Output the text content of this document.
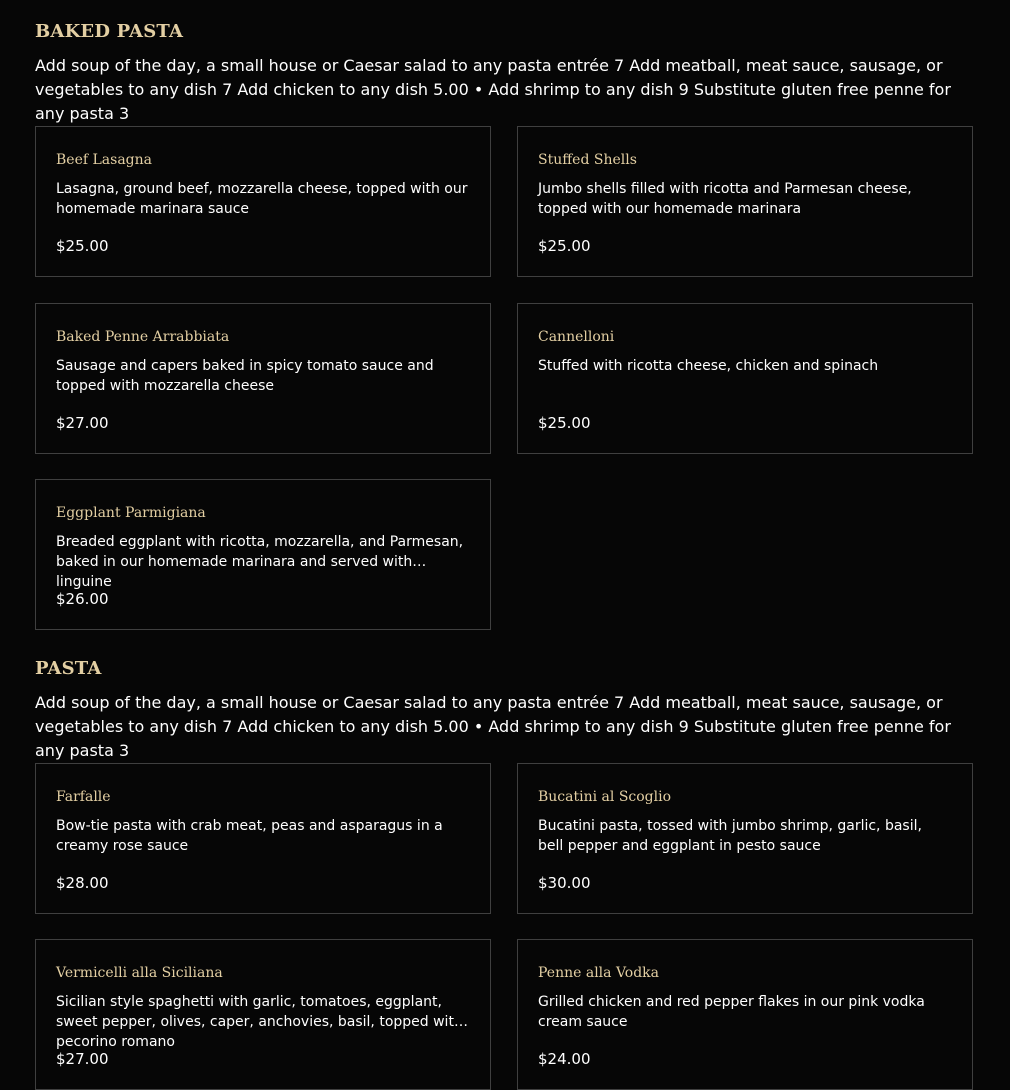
BAKED PASTA

Add soup of the day, a small house or Caesar salad to any pasta entrée 7 Add meatball, meat sauce, sausage, or vegetables to any dish 7 Add chicken to any dish 5.00 • Add shrimp to any dish 9 Substitute gluten free penne for any pasta 3

Beef Lasagna
Lasagna, ground beef, mozzarella cheese, topped with our homemade marinara sauce
$25.00
Stuffed Shells
Jumbo shells filled with ricotta and Parmesan cheese, topped with our homemade marinara
$25.00
Baked Penne Arrabbiata
Sausage and capers baked in spicy tomato sauce and topped with mozzarella cheese
$27.00
Cannelloni
Stuffed with ricotta cheese, chicken and spinach
$25.00
Eggplant Parmigiana
Breaded eggplant with ricotta, mozzarella, and Parmesan, baked in our homemade marinara and served with linguine
$26.00
PASTA

Add soup of the day, a small house or Caesar salad to any pasta entrée 7 Add meatball, meat sauce, sausage, or vegetables to any dish 7 Add chicken to any dish 5.00 • Add shrimp to any dish 9 Substitute gluten free penne for any pasta 3

Farfalle
Bow-tie pasta with crab meat, peas and asparagus in a creamy rose sauce
$28.00
Bucatini al Scoglio
Bucatini pasta, tossed with jumbo shrimp, garlic, basil, bell pepper and eggplant in pesto sauce
$30.00
Vermicelli alla Siciliana
Sicilian style spaghetti with garlic, tomatoes, eggplant, sweet pepper, olives, caper, anchovies, basil, topped with pecorino romano
$27.00
Penne alla Vodka
Grilled chicken and red pepper flakes in our pink vodka cream sauce
$24.00
